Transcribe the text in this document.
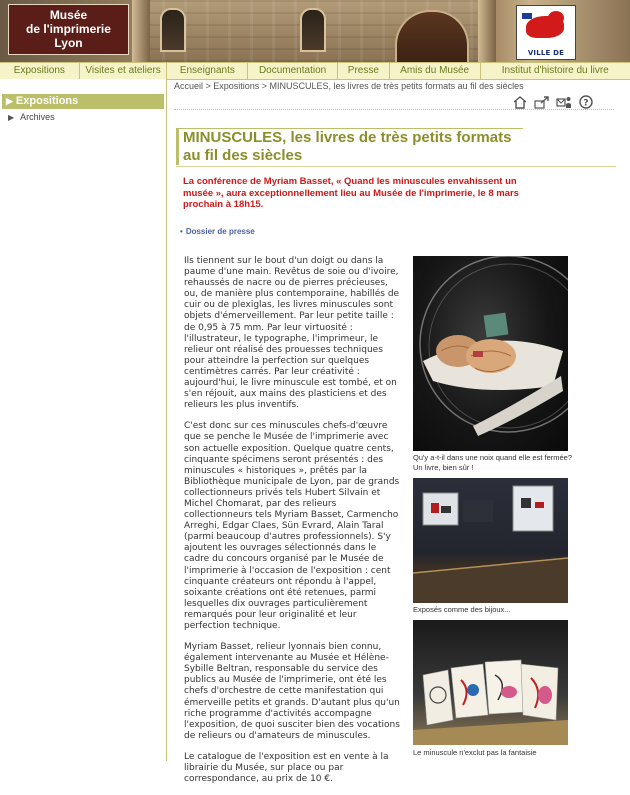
Musée
de l'imprimerie
Lyon
VILLE DE
Expositions	Visites et ateliers	Enseignants	Documentation	Presse	Amis du Musée	Institut d'histoire du livre
▶ Expositions
▶ Archives
Accueil > Expositions > MINUSCULES, les livres de très petits formats au fil des siècles
?
MINUSCULES, les livres de très petits formats au fil des siècles
La conférence de Myriam Basset, « Quand les minuscules envahissent un musée », aura exceptionnellement lieu au Musée de l'imprimerie, le 8 mars prochain à 18h15.
• Dossier de presse

Ils tiennent sur le bout d'un doigt ou dans la paume d'une main. Revêtus de soie ou d'ivoire, rehaussés de nacre ou de pierres précieuses, ou, de manière plus contemporaine, habillés de cuir ou de plexiglas, les livres minuscules sont objets d'émerveillement. Par leur petite taille : de 0,95 à 75 mm. Par leur virtuosité : l'illustrateur, le typographe, l'imprimeur, le relieur ont réalisé des prouesses techniques pour atteindre la perfection sur quelques centimètres carrés. Par leur créativité : aujourd'hui, le livre minuscule est tombé, et on s'en réjouit, aux mains des plasticiens et des relieurs les plus inventifs.

C'est donc sur ces minuscules chefs-d'œuvre que se penche le Musée de l'imprimerie avec son actuelle exposition. Quelque quatre cents, cinquante spécimens seront présentés : des minuscules « historiques », prêtés par la Bibliothèque municipale de Lyon, par de grands collectionneurs privés tels Hubert Silvain et Michel Chomarat, par des relieurs collectionneurs tels Myriam Basset, Carmencho Arreghi, Edgar Claes, Sün Evrard, Alain Taral (parmi beaucoup d'autres professionnels). S'y ajoutent les ouvrages sélectionnés dans le cadre du concours organisé par le Musée de l'imprimerie à l'occasion de l'exposition : cent cinquante créateurs ont répondu à l'appel, soixante créations ont été retenues, parmi lesquelles dix ouvrages particulièrement remarqués pour leur originalité et leur perfection technique.

Myriam Basset, relieur lyonnais bien connu, également intervenante au Musée et Hélène-Sybille Beltran, responsable du service des publics au Musée de l'imprimerie, ont été les chefs d'orchestre de cette manifestation qui émerveille petits et grands. D'autant plus qu'un riche programme d'activités accompagne l'exposition, de quoi susciter bien des vocations de relieurs ou d'amateurs de minuscules.

Le catalogue de l'exposition est en vente à la librairie du Musée, sur place ou par correspondance, au prix de 10 €.

Qu'y a-t-il dans une noix quand elle est fermée? Un livre, bien sûr !
Exposés comme des bijoux...
Le minuscule n'exclut pas la fantaisie
